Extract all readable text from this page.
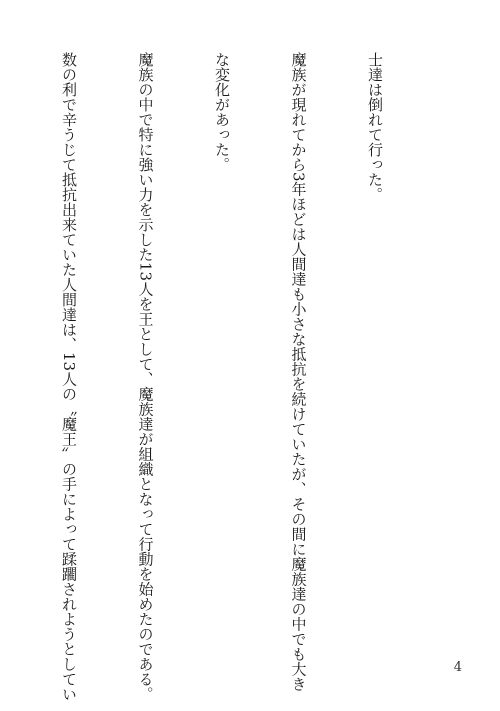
士達は倒れて行った。

魔族が現れてから3年ほどは人間達も小さな抵抗を続けていたが、その間に魔族達の中でも大き

な変化があった。

魔族の中で特に強い力を示した13人を王として、魔族達が組織となって行動を始めたのである。

数の利で辛うじて抵抗出来ていた人間達は、13人の〝魔王〟の手によって蹂躙されようとしてい

	4
